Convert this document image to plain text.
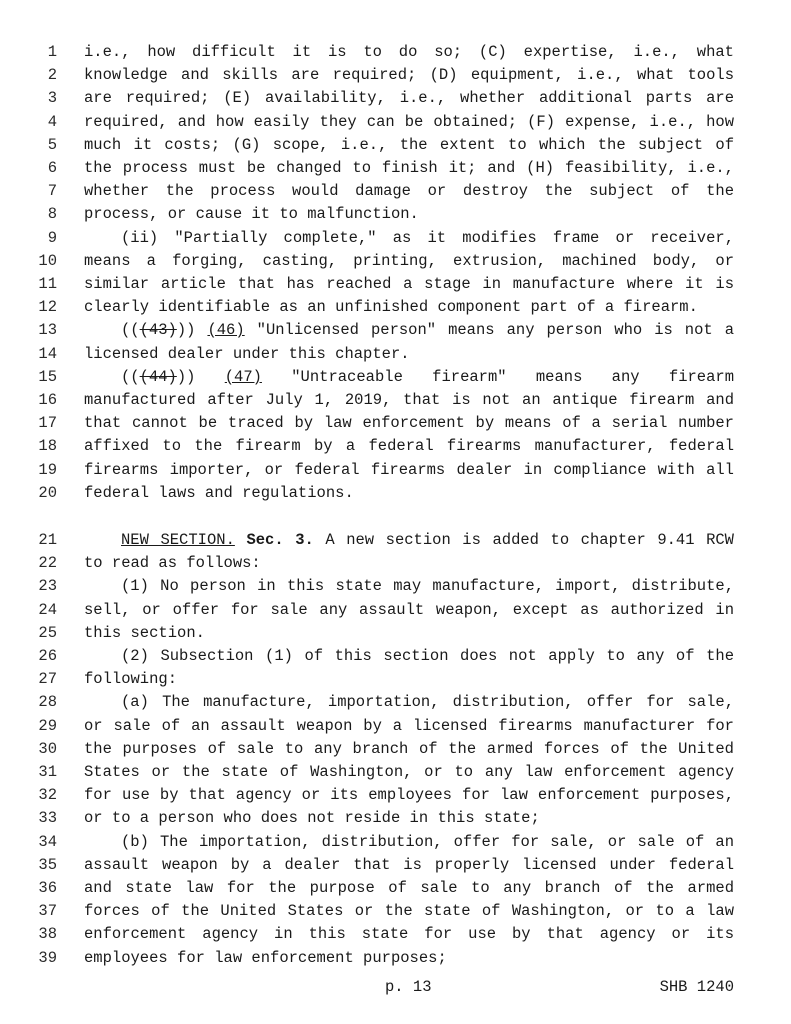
1 i.e., how difficult it is to do so; (C) expertise, i.e., what
2 knowledge and skills are required; (D) equipment, i.e., what tools
3 are required; (E) availability, i.e., whether additional parts are
4 required, and how easily they can be obtained; (F) expense, i.e., how
5 much it costs; (G) scope, i.e., the extent to which the subject of
6 the process must be changed to finish it; and (H) feasibility, i.e.,
7 whether the process would damage or destroy the subject of the
8 process, or cause it to malfunction.
9	(ii) "Partially complete," as it modifies frame or receiver,
10 means a forging, casting, printing, extrusion, machined body, or
11 similar article that has reached a stage in manufacture where it is
12 clearly identifiable as an unfinished component part of a firearm.
13	(((43))) (46) "Unlicensed person" means any person who is not a
14 licensed dealer under this chapter.
15	(((44))) (47) "Untraceable firearm" means any firearm
16 manufactured after July 1, 2019, that is not an antique firearm and
17 that cannot be traced by law enforcement by means of a serial number
18 affixed to the firearm by a federal firearms manufacturer, federal
19 firearms importer, or federal firearms dealer in compliance with all
20 federal laws and regulations.
21	NEW SECTION. Sec. 3. A new section is added to chapter 9.41 RCW
22 to read as follows:
23	(1) No person in this state may manufacture, import, distribute,
24 sell, or offer for sale any assault weapon, except as authorized in
25 this section.
26	(2) Subsection (1) of this section does not apply to any of the
27 following:
28	(a) The manufacture, importation, distribution, offer for sale,
29 or sale of an assault weapon by a licensed firearms manufacturer for
30 the purposes of sale to any branch of the armed forces of the United
31 States or the state of Washington, or to any law enforcement agency
32 for use by that agency or its employees for law enforcement purposes,
33 or to a person who does not reside in this state;
34	(b) The importation, distribution, offer for sale, or sale of an
35 assault weapon by a dealer that is properly licensed under federal
36 and state law for the purpose of sale to any branch of the armed
37 forces of the United States or the state of Washington, or to a law
38 enforcement agency in this state for use by that agency or its
39 employees for law enforcement purposes;
p. 13	SHB 1240
